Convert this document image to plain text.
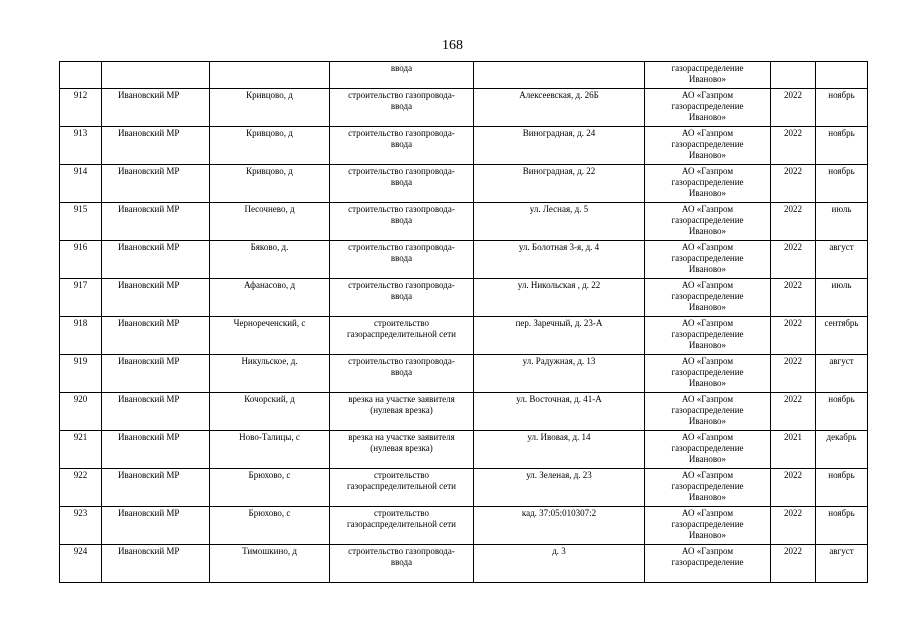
168

			ввода		газораспределение
Иваново»		

912	Ивановский МР	Кривцово, д	строительство газопровода-
ввода	Алексеевская, д. 26Б	АО «Газпром
газораспределение
Иваново»	2022	ноябрь
913	Ивановский МР	Кривцово, д	строительство газопровода-
ввода	Виноградная, д. 24	АО «Газпром
газораспределение
Иваново»	2022	ноябрь
914	Ивановский МР	Кривцово, д	строительство газопровода-
ввода	Виноградная, д. 22	АО «Газпром
газораспределение
Иваново»	2022	ноябрь
915	Ивановский МР	Песочнево, д	строительство газопровода-
ввода	ул. Лесная, д. 5	АО «Газпром
газораспределение
Иваново»	2022	июль
916	Ивановский МР	Бяково, д.	строительство газопровода-
ввода	ул. Болотная 3-я, д. 4	АО «Газпром
газораспределение
Иваново»	2022	август
917	Ивановский МР	Афанасово, д	строительство газопровода-
ввода	ул. Никольская , д. 22	АО «Газпром
газораспределение
Иваново»	2022	июль
918	Ивановский МР	Чернореченский, с	строительство
газораспределительной сети	пер. Заречный, д. 23-А	АО «Газпром
газораспределение
Иваново»	2022	сентябрь
919	Ивановский МР	Никульское, д.	строительство газопровода-
ввода	ул. Радужная, д. 13	АО «Газпром
газораспределение
Иваново»	2022	август
920	Ивановский МР	Кочорский, д	врезка на участке заявителя
(нулевая врезка)	ул. Восточная, д. 41-А	АО «Газпром
газораспределение
Иваново»	2022	ноябрь
921	Ивановский МР	Ново-Талицы, с	врезка на участке заявителя
(нулевая врезка)	ул. Ивовая, д. 14	АО «Газпром
газораспределение
Иваново»	2021	декабрь
922	Ивановский МР	Брюхово, с	строительство
газораспределительной сети	ул. Зеленая, д. 23	АО «Газпром
газораспределение
Иваново»	2022	ноябрь
923	Ивановский МР	Брюхово, с	строительство
газораспределительной сети	кад. 37:05:010307:2	АО «Газпром
газораспределение
Иваново»	2022	ноябрь
924	Ивановский МР	Тимошкино, д	строительство газопровода-
ввода	д. 3	АО «Газпром
газораспределение	2022	август
